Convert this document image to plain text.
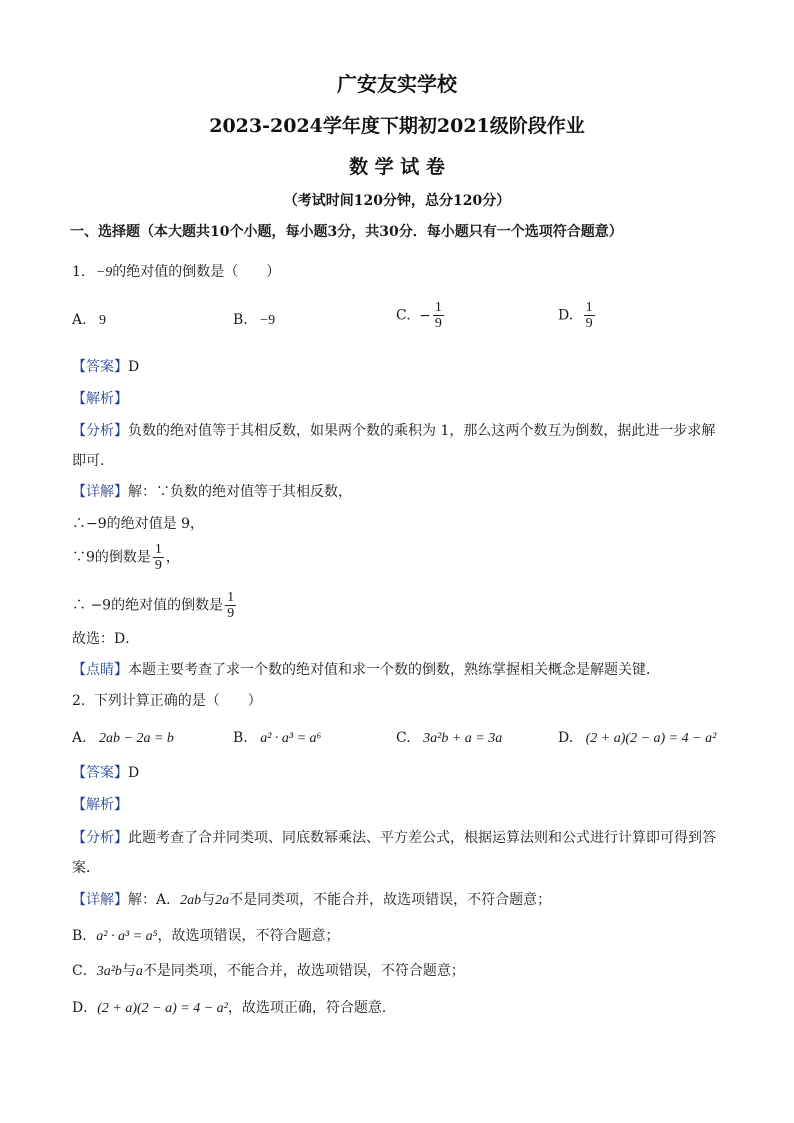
广安友实学校
2023-2024学年度下期初2021级阶段作业
数 学 试 卷
（考试时间120分钟，总分120分）
一、选择题（本大题共10个小题，每小题3分，共30分．每小题只有一个选项符合题意）
1. −9的绝对值的倒数是（　　）
A. 9	B. −9	C. − $\frac{1}{9}$	D. $\frac{1}{9}$
【答案】D
【解析】
【分析】负数的绝对值等于其相反数，如果两个数的乘积为 1，那么这两个数互为倒数，据此进一步求解
即可．
【详解】解：∵负数的绝对值等于其相反数，
∴−9的绝对值是 9，
∵9的倒数是 $\frac{1}{9}$ ，
∴ −9的绝对值的倒数是 $\frac{1}{9}$
故选：D．
【点睛】本题主要考查了求一个数的绝对值和求一个数的倒数，熟练掌握相关概念是解题关键．
2. 下列计算正确的是（　　）
A. 2ab − 2a = b	B. a² · a³ = a⁶	C. 3a²b + a = 3a	D. (2 + a)(2 − a) = 4 − a²
【答案】D
【解析】
【分析】此题考查了合并同类项、同底数幂乘法、平方差公式，根据运算法则和公式进行计算即可得到答
案．
【详解】解：A．2ab与2a不是同类项，不能合并，故选项错误，不符合题意；
B．a² · a³ = a⁵，故选项错误，不符合题意；
C．3a²b与a不是同类项，不能合并，故选项错误，不符合题意；
D．(2 + a)(2 − a) = 4 − a²，故选项正确，符合题意．
